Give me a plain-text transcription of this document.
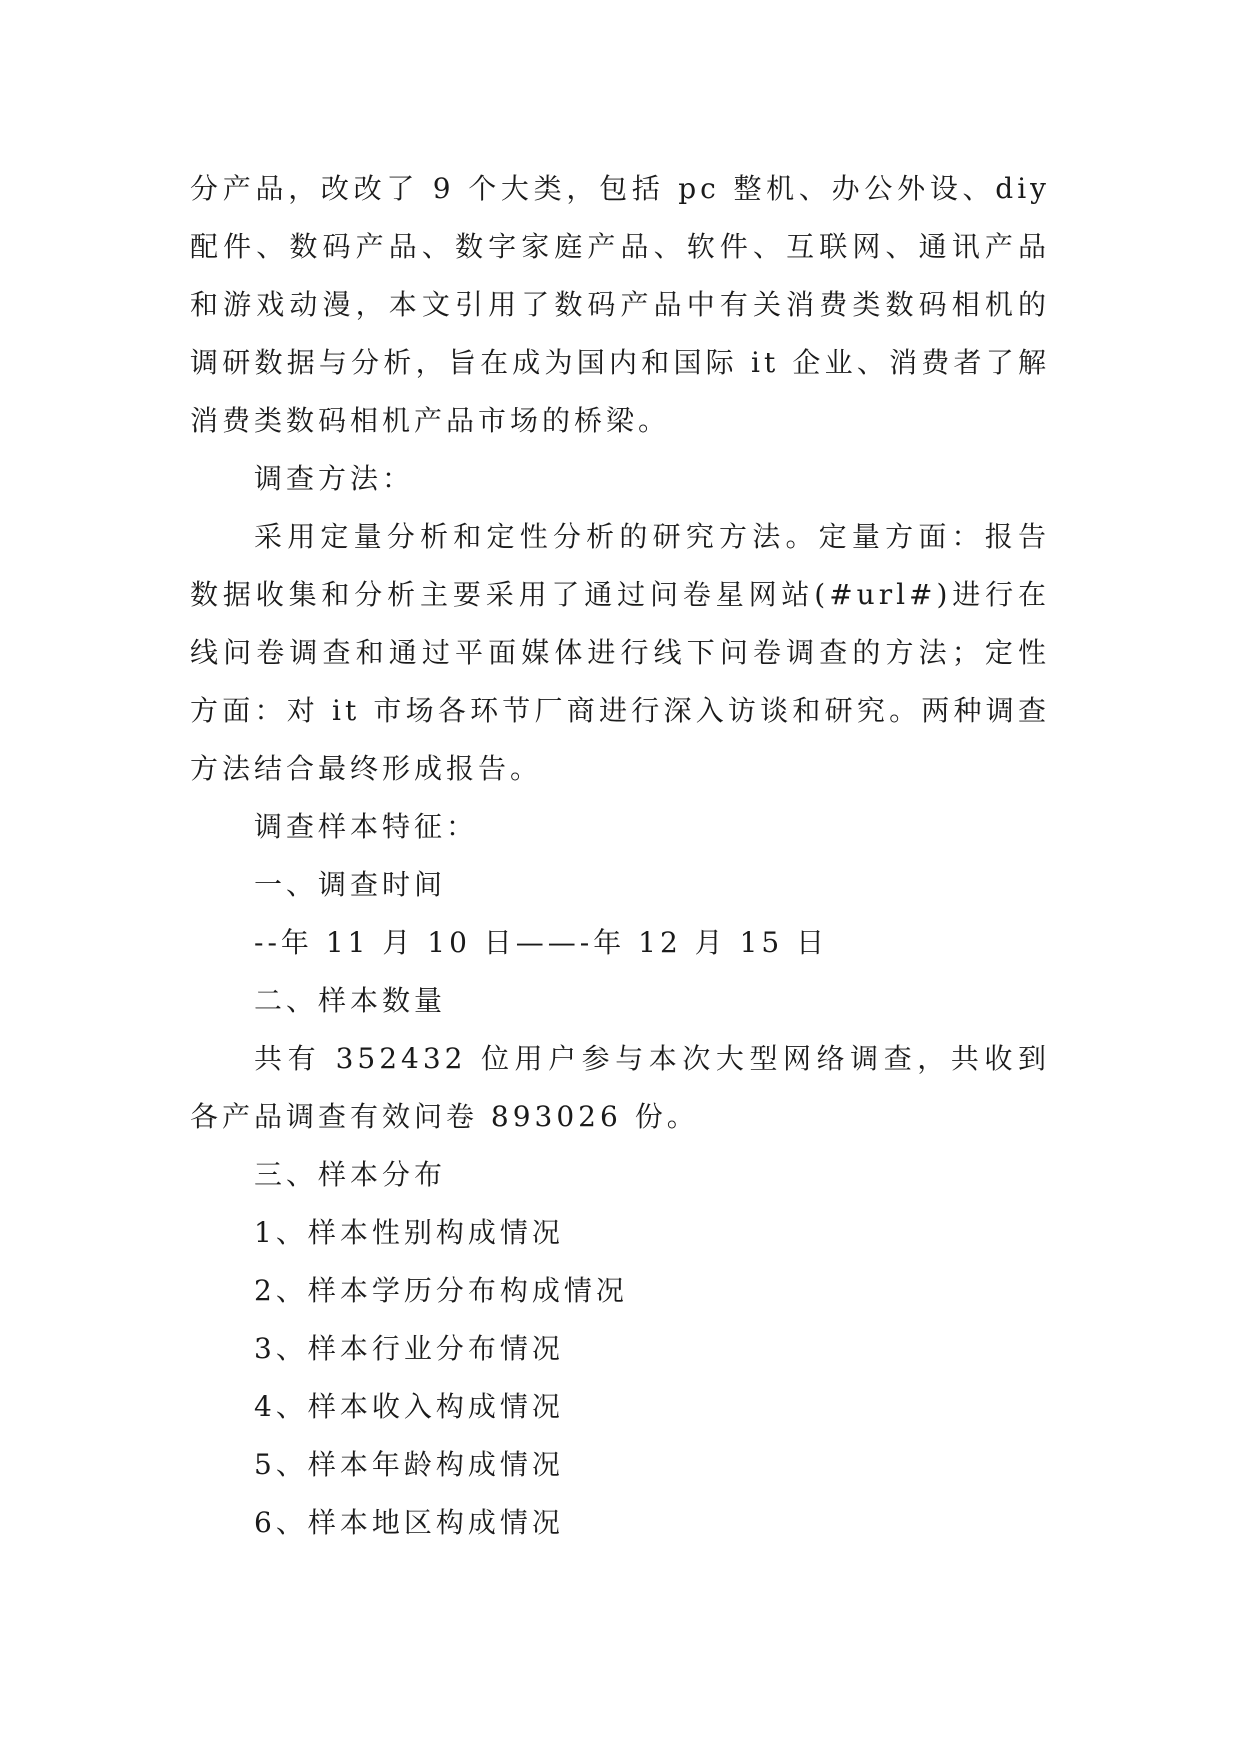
分产品，改改了 9 个大类，包括 pc 整机、办公外设、diy 配件、数码产品、数字家庭产品、软件、互联网、通讯产品和游戏动漫，本文引用了数码产品中有关消费类数码相机的调研数据与分析，旨在成为国内和国际 it 企业、消费者了解消费类数码相机产品市场的桥梁。

调查方法：

采用定量分析和定性分析的研究方法。定量方面：报告数据收集和分析主要采用了通过问卷星网站(#url#)进行在线问卷调查和通过平面媒体进行线下问卷调查的方法；定性方面：对 it 市场各环节厂商进行深入访谈和研究。两种调查方法结合最终形成报告。

调查样本特征：

一、调查时间

--年 11 月 10 日——-年 12 月 15 日

二、样本数量

共有 352432 位用户参与本次大型网络调查，共收到各产品调查有效问卷 893026 份。

三、样本分布

1、样本性别构成情况

2、样本学历分布构成情况

3、样本行业分布情况

4、样本收入构成情况

5、样本年龄构成情况

6、样本地区构成情况
